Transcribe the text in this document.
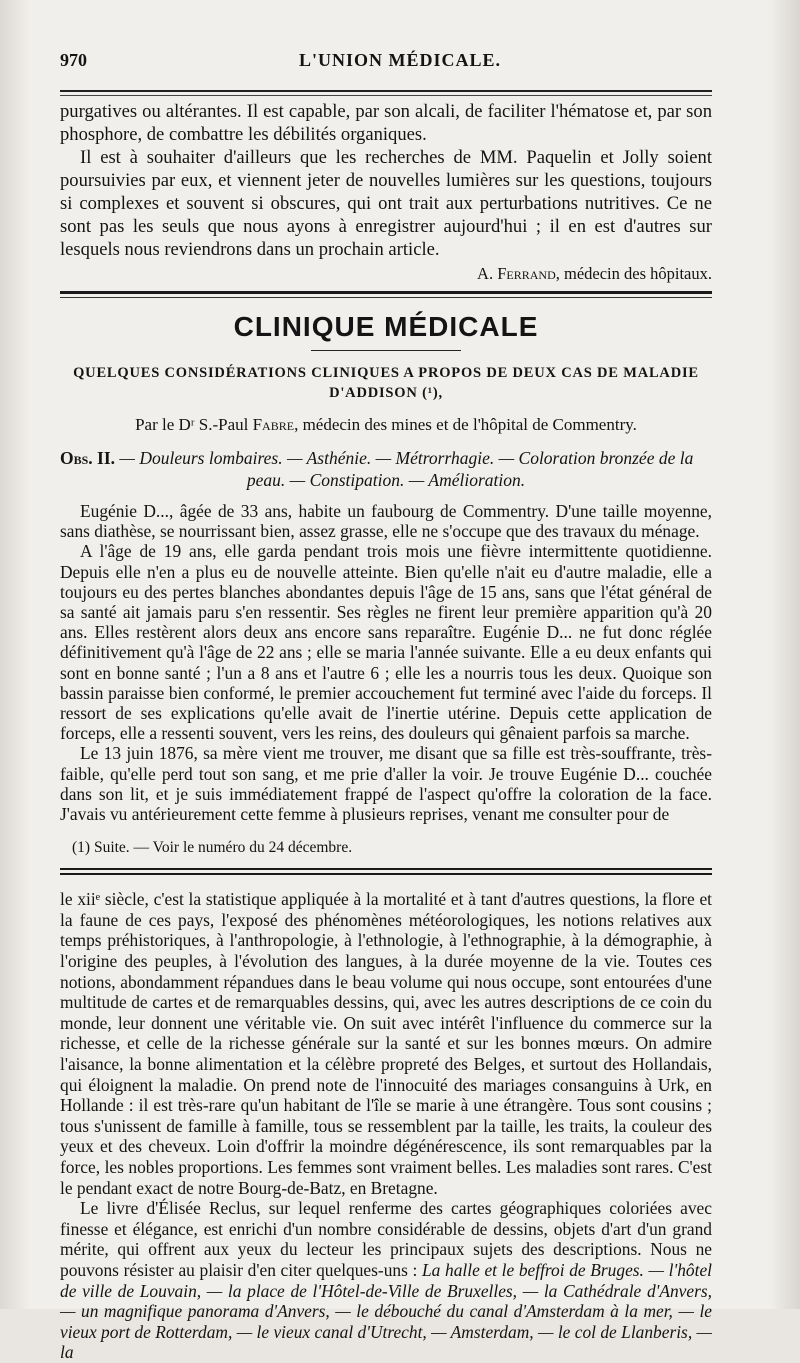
970	L'UNION MÉDICALE.

purgatives ou altérantes. Il est capable, par son alcali, de faciliter l'hématose et, par son phosphore, de combattre les débilités organiques.

Il est à souhaiter d'ailleurs que les recherches de MM. Paquelin et Jolly soient poursuivies par eux, et viennent jeter de nouvelles lumières sur les questions, toujours si complexes et souvent si obscures, qui ont trait aux perturbations nutritives. Ce ne sont pas les seuls que nous ayons à enregistrer aujourd'hui ; il en est d'autres sur lesquels nous reviendrons dans un prochain article.

A. Ferrand, médecin des hôpitaux.
CLINIQUE MÉDICALE
QUELQUES CONSIDÉRATIONS CLINIQUES A PROPOS DE DEUX CAS DE MALADIE
D'ADDISON (¹),
Par le Dʳ S.-Paul Fabre, médecin des mines et de l'hôpital de Commentry.
Obs. II. — Douleurs lombaires. — Asthénie. — Métrorrhagie. — Coloration bronzée de la
peau. — Constipation. — Amélioration.

Eugénie D..., âgée de 33 ans, habite un faubourg de Commentry. D'une taille moyenne, sans diathèse, se nourrissant bien, assez grasse, elle ne s'occupe que des travaux du ménage.

A l'âge de 19 ans, elle garda pendant trois mois une fièvre intermittente quotidienne. Depuis elle n'en a plus eu de nouvelle atteinte. Bien qu'elle n'ait eu d'autre maladie, elle a toujours eu des pertes blanches abondantes depuis l'âge de 15 ans, sans que l'état général de sa santé ait jamais paru s'en ressentir. Ses règles ne firent leur première apparition qu'à 20 ans. Elles restèrent alors deux ans encore sans reparaître. Eugénie D... ne fut donc réglée définitivement qu'à l'âge de 22 ans ; elle se maria l'année suivante. Elle a eu deux enfants qui sont en bonne santé ; l'un a 8 ans et l'autre 6 ; elle les a nourris tous les deux. Quoique son bassin paraisse bien conformé, le premier accouchement fut terminé avec l'aide du forceps. Il ressort de ses explications qu'elle avait de l'inertie utérine. Depuis cette application de forceps, elle a ressenti souvent, vers les reins, des douleurs qui gênaient parfois sa marche.

Le 13 juin 1876, sa mère vient me trouver, me disant que sa fille est très-souffrante, très-faible, qu'elle perd tout son sang, et me prie d'aller la voir. Je trouve Eugénie D... couchée dans son lit, et je suis immédiatement frappé de l'aspect qu'offre la coloration de la face. J'avais vu antérieurement cette femme à plusieurs reprises, venant me consulter pour de

(1) Suite. — Voir le numéro du 24 décembre.

le xiiᵉ siècle, c'est la statistique appliquée à la mortalité et à tant d'autres questions, la flore et la faune de ces pays, l'exposé des phénomènes météorologiques, les notions relatives aux temps préhistoriques, à l'anthropologie, à l'ethnologie, à l'ethnographie, à la démographie, à l'origine des peuples, à l'évolution des langues, à la durée moyenne de la vie. Toutes ces notions, abondamment répandues dans le beau volume qui nous occupe, sont entourées d'une multitude de cartes et de remarquables dessins, qui, avec les autres descriptions de ce coin du monde, leur donnent une véritable vie. On suit avec intérêt l'influence du commerce sur la richesse, et celle de la richesse générale sur la santé et sur les bonnes mœurs. On admire l'aisance, la bonne alimentation et la célèbre propreté des Belges, et surtout des Hollandais, qui éloignent la maladie. On prend note de l'innocuité des mariages consanguins à Urk, en Hollande : il est très-rare qu'un habitant de l'île se marie à une étrangère. Tous sont cousins ; tous s'unissent de famille à famille, tous se ressemblent par la taille, les traits, la couleur des yeux et des cheveux. Loin d'offrir la moindre dégénérescence, ils sont remarquables par la force, les nobles proportions. Les femmes sont vraiment belles. Les maladies sont rares. C'est le pendant exact de notre Bourg-de-Batz, en Bretagne.

Le livre d'Élisée Reclus, sur lequel renferme des cartes géographiques coloriées avec finesse et élégance, est enrichi d'un nombre considérable de dessins, objets d'art d'un grand mérite, qui offrent aux yeux du lecteur les principaux sujets des descriptions. Nous ne pouvons résister au plaisir d'en citer quelques-uns : La halle et le beffroi de Bruges. — l'hôtel de ville de Louvain, — la place de l'Hôtel-de-Ville de Bruxelles, — la Cathédrale d'Anvers, — un magnifique panorama d'Anvers, — le débouché du canal d'Amsterdam à la mer, — le vieux port de Rotterdam, — le vieux canal d'Utrecht, — Amsterdam, — le col de Llanberis, — la
